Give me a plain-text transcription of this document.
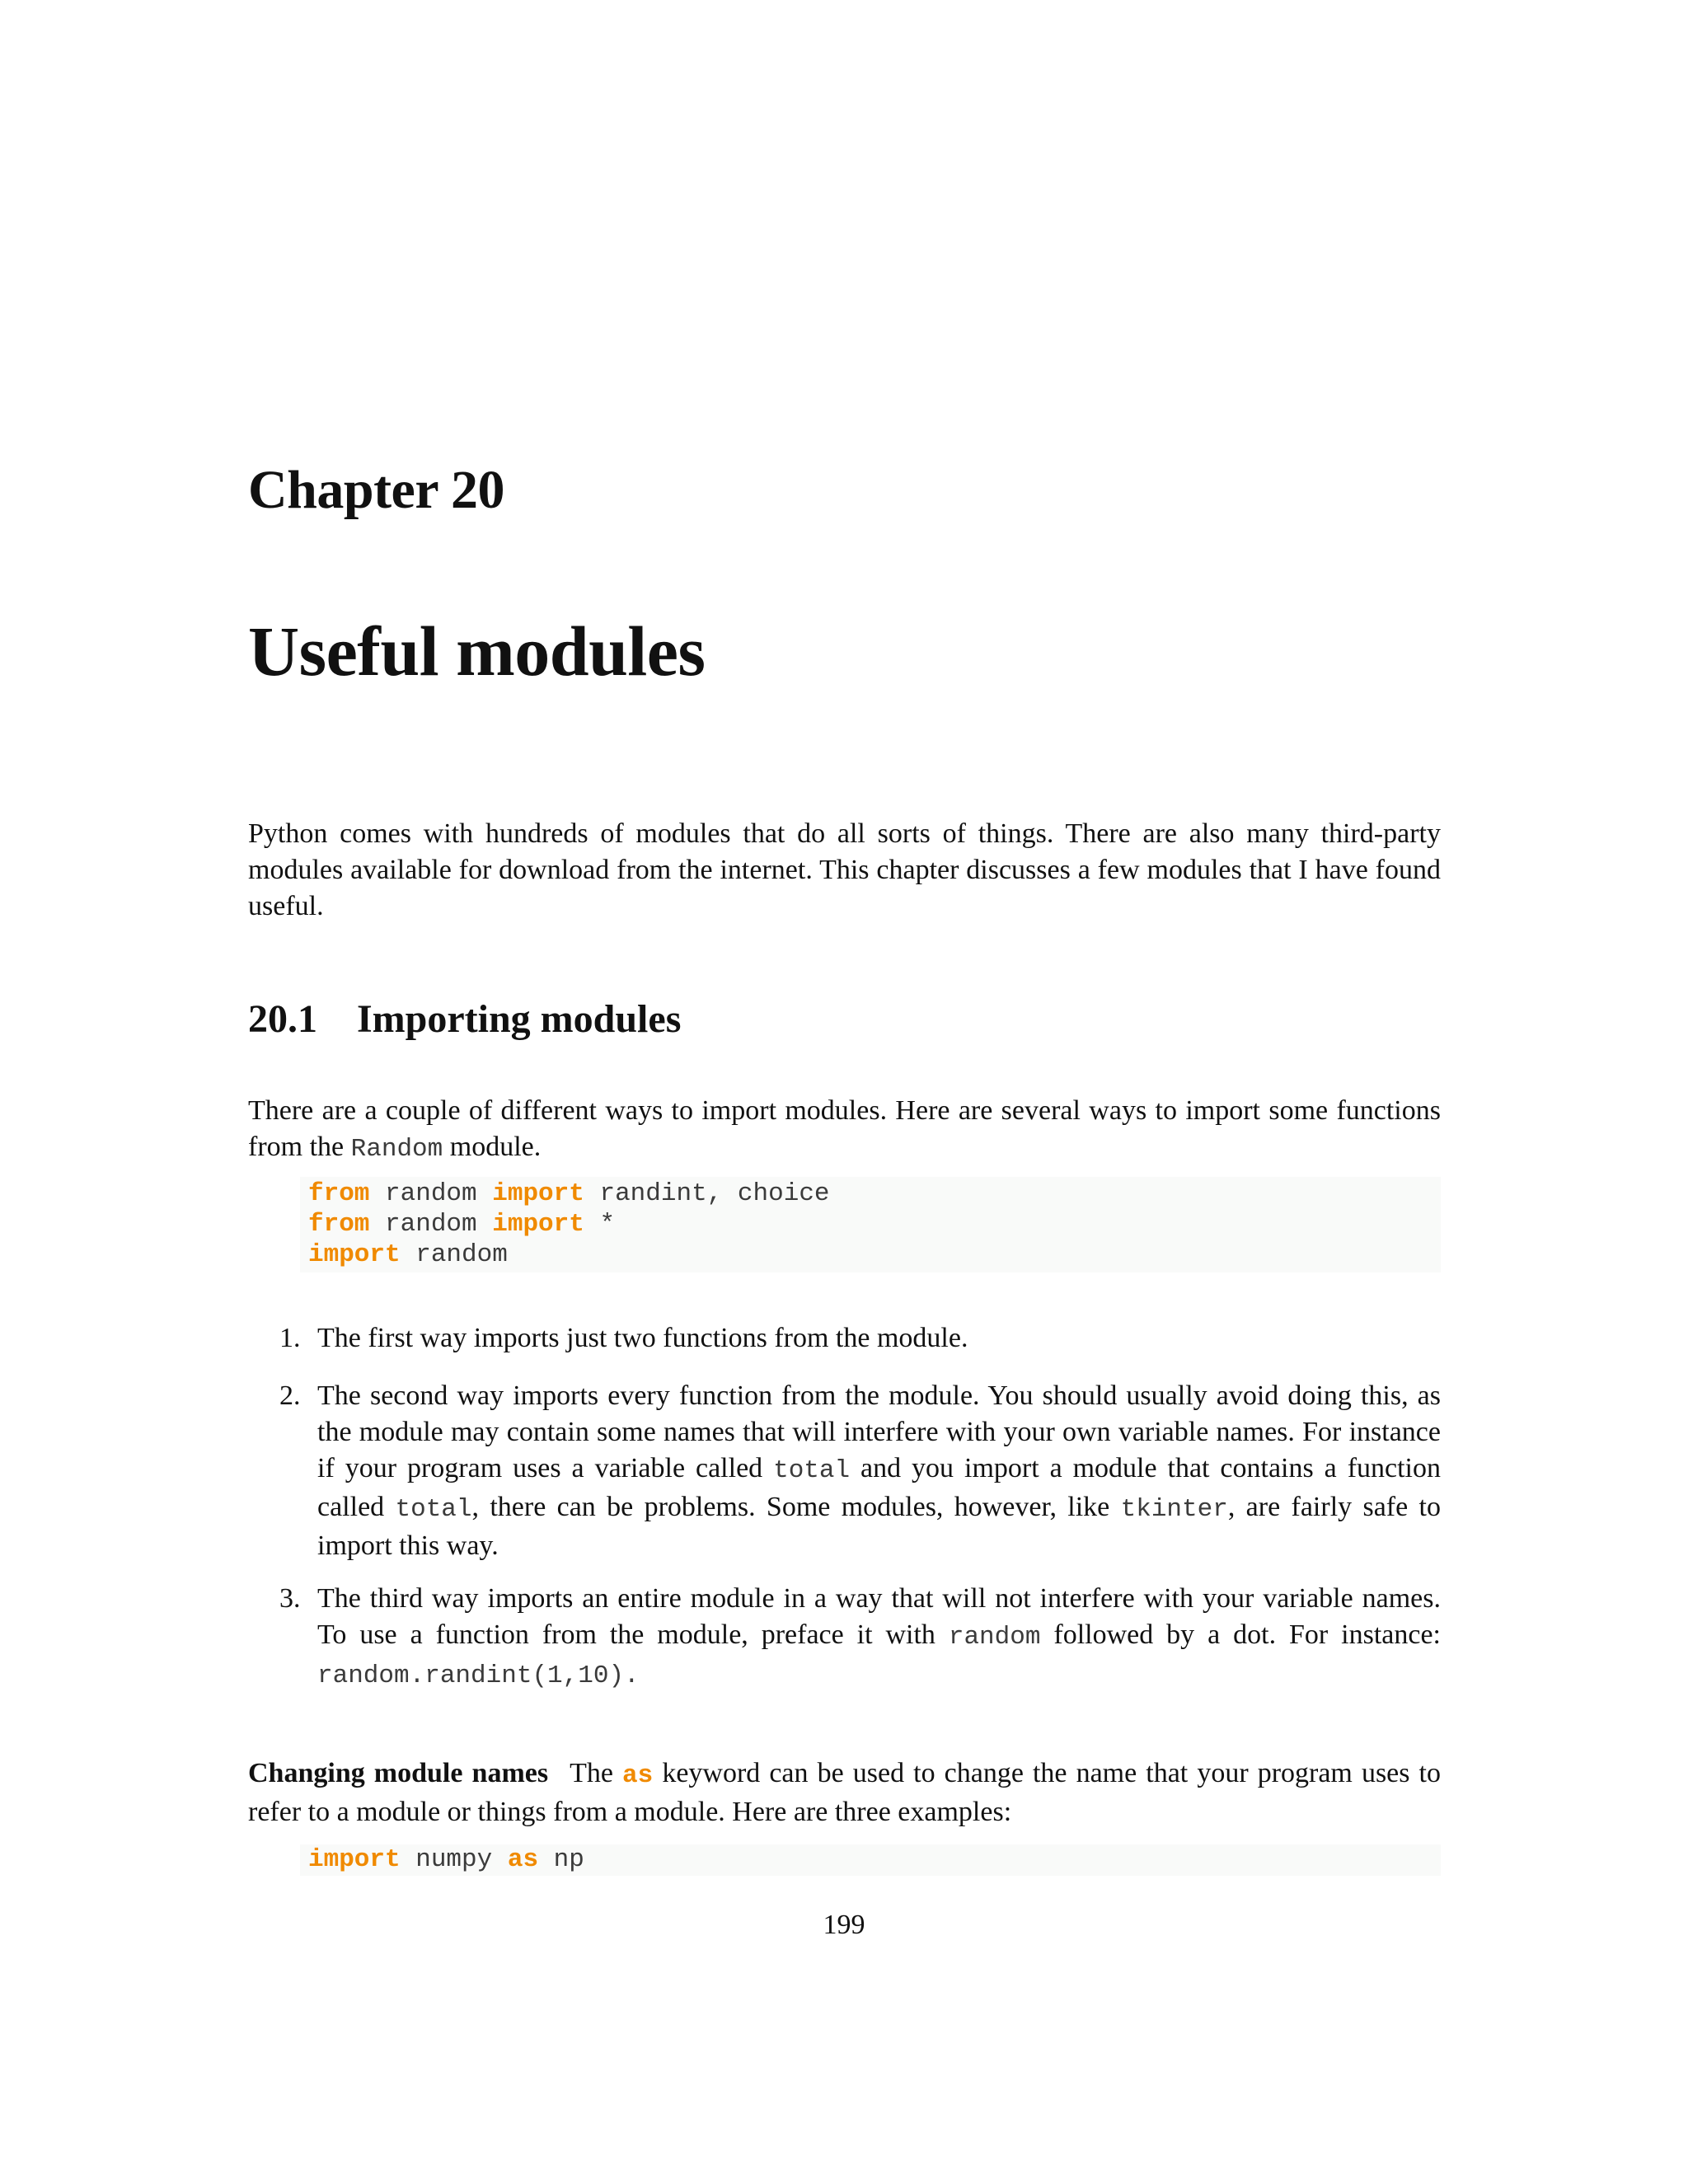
Chapter 20
Useful modules

Python comes with hundreds of modules that do all sorts of things. There are also many third-party modules available for download from the internet. This chapter discusses a few modules that I have found useful.

20.1 Importing modules

There are a couple of different ways to import modules. Here are several ways to import some functions from the Random module.

from random import randint, choice
from random import *
import random
1. The first way imports just two functions from the module.
2. The second way imports every function from the module. You should usually avoid doing this, as the module may contain some names that will interfere with your own variable names. For instance if your program uses a variable called total and you import a module that contains a function called total, there can be problems. Some modules, however, like tkinter, are fairly safe to import this way.
3. The third way imports an entire module in a way that will not interfere with your variable names. To use a function from the module, preface it with random followed by a dot. For instance: random.randint(1,10).

Changing module names The as keyword can be used to change the name that your program uses to refer to a module or things from a module. Here are three examples:

import numpy as np
199
